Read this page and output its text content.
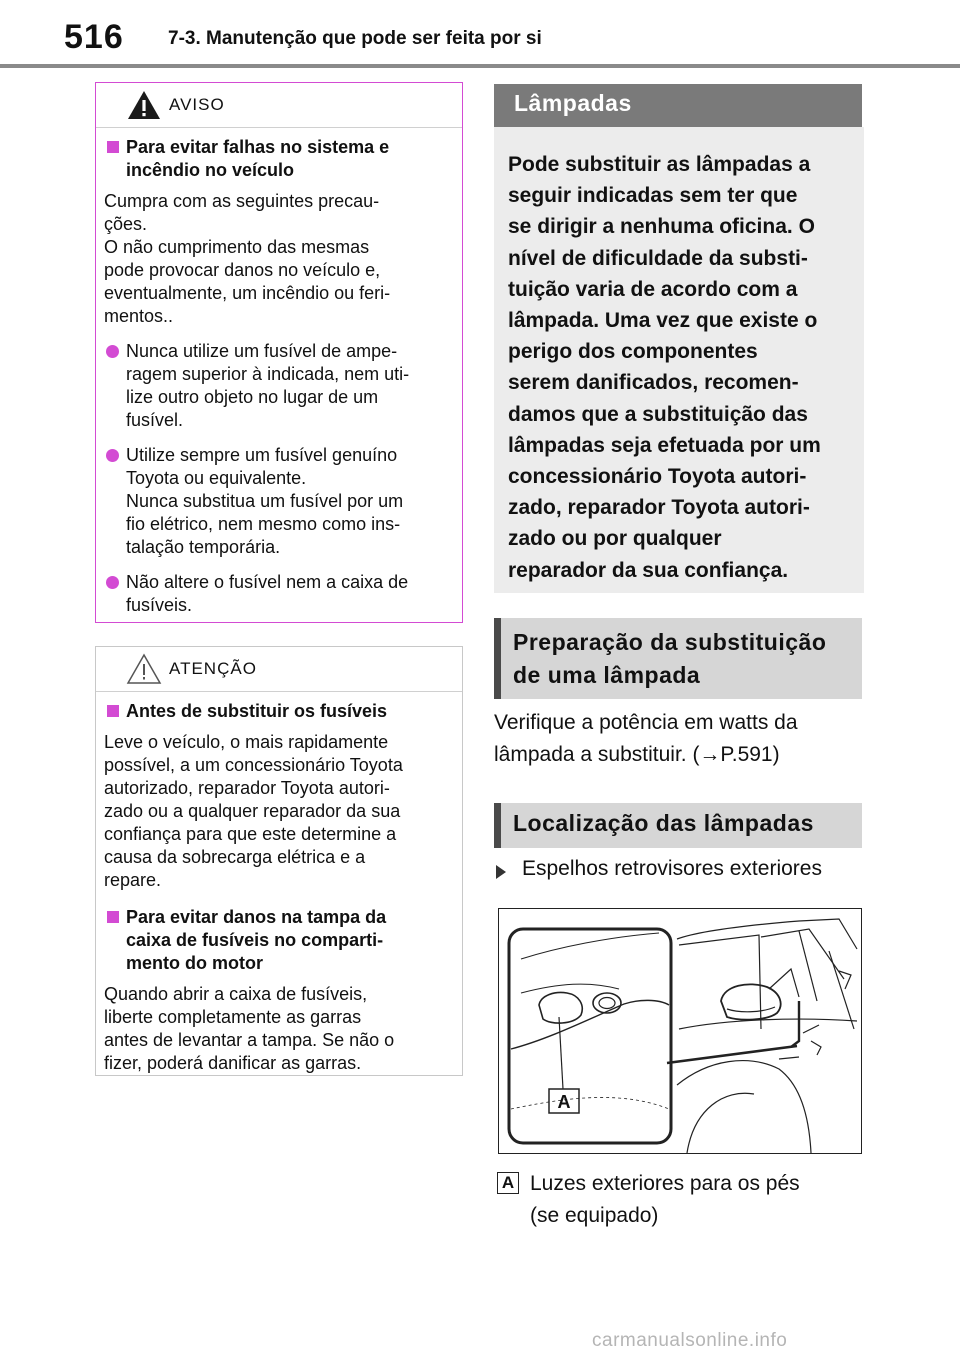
516 7-3. Manutenção que pode ser feita por si
AVISO
Para evitar falhas no sistema e incêndio no veículo
Cumpra com as seguintes precau-
ções.
O não cumprimento das mesmas
pode provocar danos no veículo e,
eventualmente, um incêndio ou feri-
mentos..
Nunca utilize um fusível de ampe-
ragem superior à indicada, nem uti-
lize outro objeto no lugar de um
fusível.
Utilize sempre um fusível genuíno
Toyota ou equivalente.
Nunca substitua um fusível por um
fio elétrico, nem mesmo como ins-
talação temporária.
Não altere o fusível nem a caixa de
fusíveis.
ATENÇÃO
Antes de substituir os fusíveis
Leve o veículo, o mais rapidamente
possível, a um concessionário Toyota
autorizado, reparador Toyota autori-
zado ou a qualquer reparador da sua
confiança para que este determine a
causa da sobrecarga elétrica e a
repare.
Para evitar danos na tampa da
caixa de fusíveis no comparti-
mento do motor
Quando abrir a caixa de fusíveis,
liberte completamente as garras
antes de levantar a tampa. Se não o
fizer, poderá danificar as garras.
Lâmpadas
Pode substituir as lâmpadas a
seguir indicadas sem ter que
se dirigir a nenhuma oficina. O
nível de dificuldade da substi-
tuição varia de acordo com a
lâmpada. Uma vez que existe o
perigo dos componentes
serem danificados, recomen-
damos que a substituição das
lâmpadas seja efetuada por um
concessionário Toyota autori-
zado, reparador Toyota autori-
zado ou por qualquer
reparador da sua confiança.
Preparação da substituição
de uma lâmpada
Verifique a potência em watts da
lâmpada a substituir. (→P.591)
Localização das lâmpadas
Espelhos retrovisores exteriores
A
A Luzes exteriores para os pés
(se equipado)
carmanualsonline.info
